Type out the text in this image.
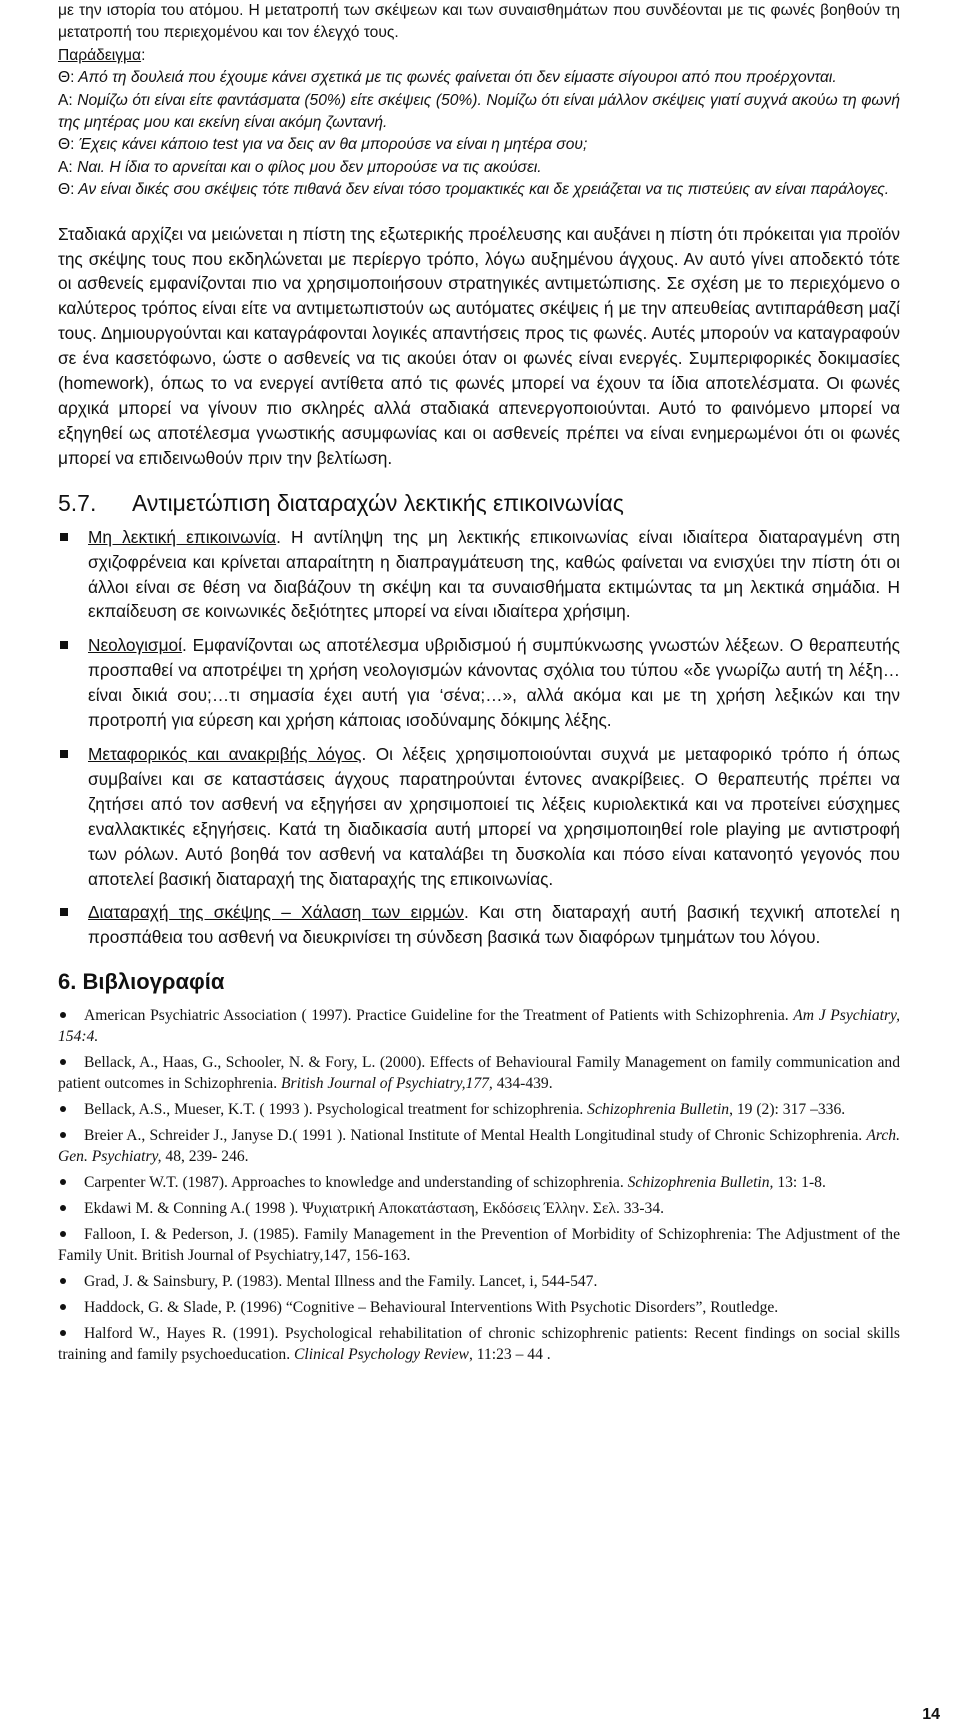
με την ιστορία του ατόμου. Η μετατροπή των σκέψεων και των συναισθημάτων που συνδέονται με τις φωνές βοηθούν τη μετατροπή του περιεχομένου και τον έλεγχό τους.

Παράδειγμα:

Θ: Από τη δουλειά που έχουμε κάνει σχετικά με τις φωνές φαίνεται ότι δεν είμαστε σίγουροι από που προέρχονται.

Α: Νομίζω ότι είναι είτε φαντάσματα (50%) είτε σκέψεις (50%). Νομίζω ότι είναι μάλλον σκέψεις γιατί συχνά ακούω τη φωνή της μητέρας μου και εκείνη είναι ακόμη ζωντανή.

Θ: Έχεις κάνει κάποιο test για να δεις αν θα μπορούσε να είναι η μητέρα σου;

Α: Ναι. Η ίδια το αρνείται και ο φίλος μου δεν μπορούσε να τις ακούσει.

Θ: Αν είναι δικές σου σκέψεις τότε πιθανά δεν είναι τόσο τρομακτικές και δε χρειάζεται να τις πιστεύεις αν είναι παράλογες.

Σταδιακά αρχίζει να μειώνεται η πίστη της εξωτερικής προέλευσης και αυξάνει η πίστη ότι πρόκειται για προϊόν της σκέψης τους που εκδηλώνεται με περίεργο τρόπο, λόγω αυξημένου άγχους. Αν αυτό γίνει αποδεκτό τότε οι ασθενείς εμφανίζονται πιο να χρησιμοποιήσουν στρατηγικές αντιμετώπισης. Σε σχέση με το περιεχόμενο ο καλύτερος τρόπος είναι είτε να αντιμετωπιστούν ως αυτόματες σκέψεις ή με την απευθείας αντιπαράθεση μαζί τους. Δημιουργούνται και καταγράφονται λογικές απαντήσεις προς τις φωνές. Αυτές μπορούν να καταγραφούν σε ένα κασετόφωνο, ώστε ο ασθενείς να τις ακούει όταν οι φωνές είναι ενεργές. Συμπεριφορικές δοκιμασίες (homework), όπως το να ενεργεί αντίθετα από τις φωνές μπορεί να έχουν τα ίδια αποτελέσματα. Οι φωνές αρχικά μπορεί να γίνουν πιο σκληρές αλλά σταδιακά απενεργοποιούνται. Αυτό το φαινόμενο μπορεί να εξηγηθεί ως αποτέλεσμα γνωστικής ασυμφωνίας και οι ασθενείς πρέπει να είναι ενημερωμένοι ότι οι φωνές μπορεί να επιδεινωθούν πριν την βελτίωση.

5.7.	Αντιμετώπιση διαταραχών λεκτικής επικοινωνίας
Μη λεκτική επικοινωνία. Η αντίληψη της μη λεκτικής επικοινωνίας είναι ιδιαίτερα διαταραγμένη στη σχιζοφρένεια και κρίνεται απαραίτητη η διαπραγμάτευση της, καθώς φαίνεται να ενισχύει την πίστη ότι οι άλλοι είναι σε θέση να διαβάζουν τη σκέψη και τα συναισθήματα εκτιμώντας τα μη λεκτικά σημάδια. Η εκπαίδευση σε κοινωνικές δεξιότητες μπορεί να είναι ιδιαίτερα χρήσιμη.
Νεολογισμοί. Εμφανίζονται ως αποτέλεσμα υβριδισμού ή συμπύκνωσης γνωστών λέξεων. Ο θεραπευτής προσπαθεί να αποτρέψει τη χρήση νεολογισμών κάνοντας σχόλια του τύπου «δε γνωρίζω αυτή τη λέξη…είναι δικιά σου;…τι σημασία έχει αυτή για ‘σένα;…», αλλά ακόμα και με τη χρήση λεξικών και την προτροπή για εύρεση και χρήση κάποιας ισοδύναμης δόκιμης λέξης.
Μεταφορικός και ανακριβής λόγος. Οι λέξεις χρησιμοποιούνται συχνά με μεταφορικό τρόπο ή όπως συμβαίνει και σε καταστάσεις άγχους παρατηρούνται έντονες ανακρίβειες. Ο θεραπευτής πρέπει να ζητήσει από τον ασθενή να εξηγήσει αν χρησιμοποιεί τις λέξεις κυριολεκτικά και να προτείνει εύσχημες εναλλακτικές εξηγήσεις. Κατά τη διαδικασία αυτή μπορεί να χρησιμοποιηθεί role playing με αντιστροφή των ρόλων. Αυτό βοηθά τον ασθενή να καταλάβει τη δυσκολία και πόσο είναι κατανοητό γεγονός που αποτελεί βασική διαταραχή της διαταραχής της επικοινωνίας.
Διαταραχή της σκέψης – Χάλαση των ειρμών. Και στη διαταραχή αυτή βασική τεχνική αποτελεί η προσπάθεια του ασθενή να διευκρινίσει τη σύνδεση βασικά των διαφόρων τμημάτων του λόγου.
6. Βιβλιογραφία
American Psychiatric Association ( 1997). Practice Guideline for the Treatment of Patients with Schizophrenia. Am J Psychiatry, 154:4.
Bellack, A., Haas, G., Schooler, N. & Fory, L. (2000). Effects of Behavioural Family Management on family communication and patient outcomes in Schizophrenia. British Journal of Psychiatry,177, 434-439.
Bellack, A.S., Mueser, K.T. ( 1993 ). Psychological treatment for schizophrenia. Schizophrenia Bulletin, 19 (2): 317 –336.
Breier A., Schreider J., Janyse D.( 1991 ). National Institute of Mental Health Longitudinal study of Chronic Schizophrenia. Arch. Gen. Psychiatry, 48, 239- 246.
Carpenter W.T. (1987). Approaches to knowledge and understanding of schizophrenia. Schizophrenia Bulletin, 13: 1-8.
Ekdawi M. & Conning A.( 1998 ). Ψυχιατρική Αποκατάσταση, Εκδόσεις Έλλην. Σελ. 33-34.
Falloon, I. & Pederson, J. (1985). Family Management in the Prevention of Morbidity of Schizophrenia: The Adjustment of the Family Unit. British Journal of Psychiatry,147, 156-163.
Grad, J. & Sainsbury, P. (1983). Mental Illness and the Family. Lancet, i, 544-547.
Haddock, G. & Slade, P. (1996) “Cognitive – Behavioural Interventions With Psychotic Disorders”, Routledge.
Halford W., Hayes R. (1991). Psychological rehabilitation of chronic schizophrenic patients: Recent findings on social skills training and family psychoeducation. Clinical Psychology Review, 11:23 – 44 .
14
